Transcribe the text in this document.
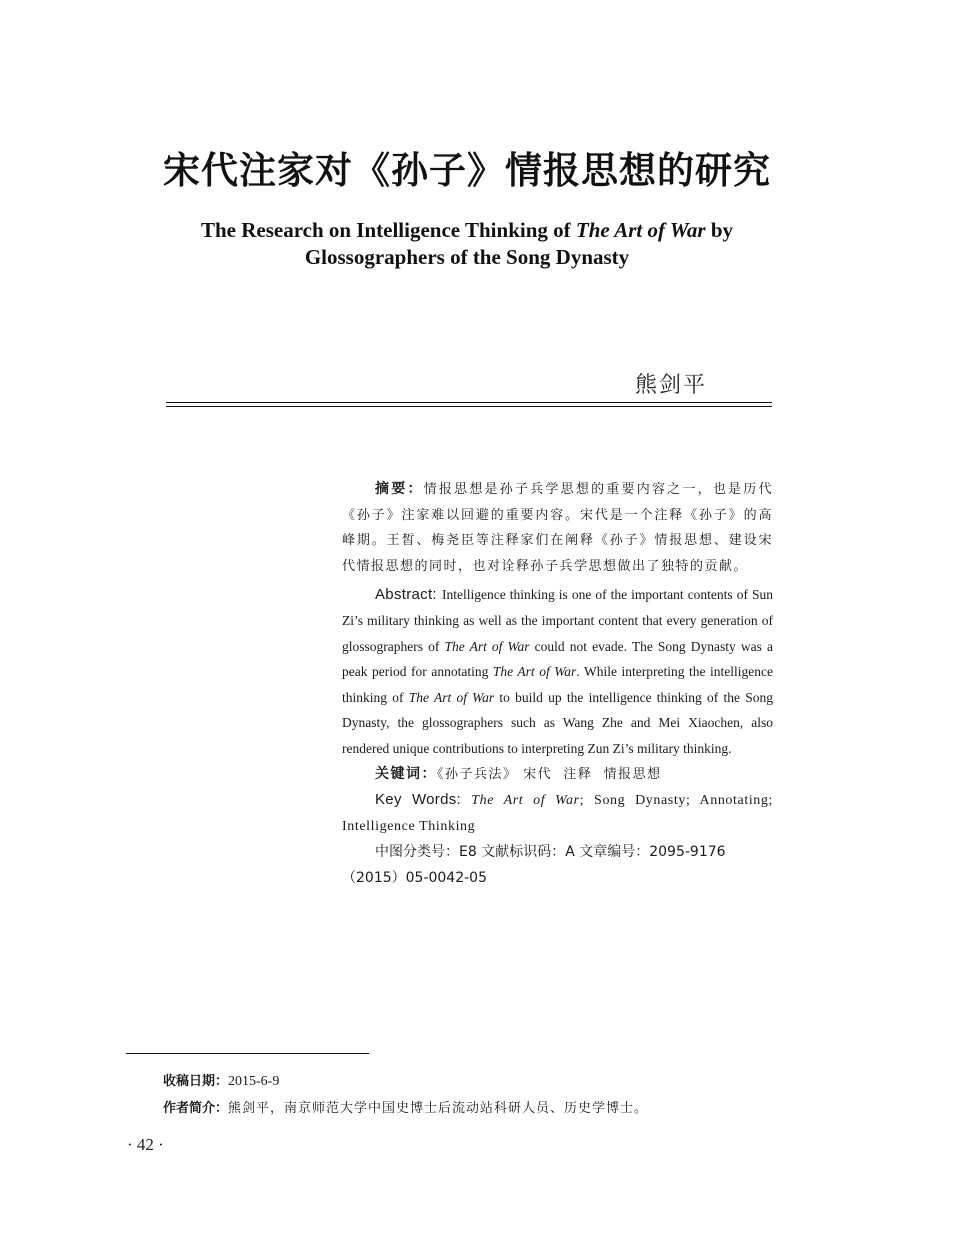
宋代注家对《孙子》情报思想的研究
The Research on Intelligence Thinking of The Art of War by
Glossographers of the Song Dynasty
熊剑平

摘要：情报思想是孙子兵学思想的重要内容之一，也是历代《孙子》注家难以回避的重要内容。宋代是一个注释《孙子》的高峰期。王皙、梅尧臣等注释家们在阐释《孙子》情报思想、建设宋代情报思想的同时，也对诠释孙子兵学思想做出了独特的贡献。

Abstract: Intelligence thinking is one of the important contents of Sun Zi’s military thinking as well as the important content that every generation of glossographers of The Art of War could not evade. The Song Dynasty was a peak period for annotating The Art of War. While interpreting the intelligence thinking of The Art of War to build up the intelligence thinking of the Song Dynasty, the glossographers such as Wang Zhe and Mei Xiaochen, also rendered unique contributions to interpreting Zun Zi’s military thinking.

关键词：《孙子兵法》 宋代  注释  情报思想

Key Words: The Art of War; Song Dynasty; Annotating; Intelligence Thinking

中图分类号：E8 文献标识码：A 文章编号：2095-9176

（2015）05-0042-05

收稿日期：2015-6-9
作者简介：熊剑平，南京师范大学中国史博士后流动站科研人员、历史学博士。
· 42 ·
